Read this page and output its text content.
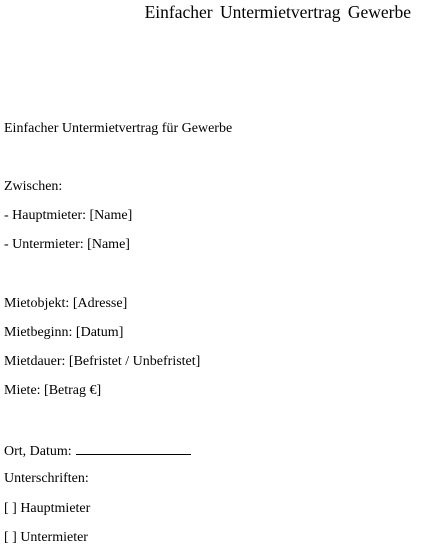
Einfacher Untermietvertrag Gewerbe
Einfacher Untermietvertrag für Gewerbe
Zwischen:
- Hauptmieter: [Name]
- Untermieter: [Name]
Mietobjekt: [Adresse]
Mietbeginn: [Datum]
Mietdauer: [Befristet / Unbefristet]
Miete: [Betrag €]
Ort, Datum:
Unterschriften:
[ ] Hauptmieter
[ ] Untermieter
